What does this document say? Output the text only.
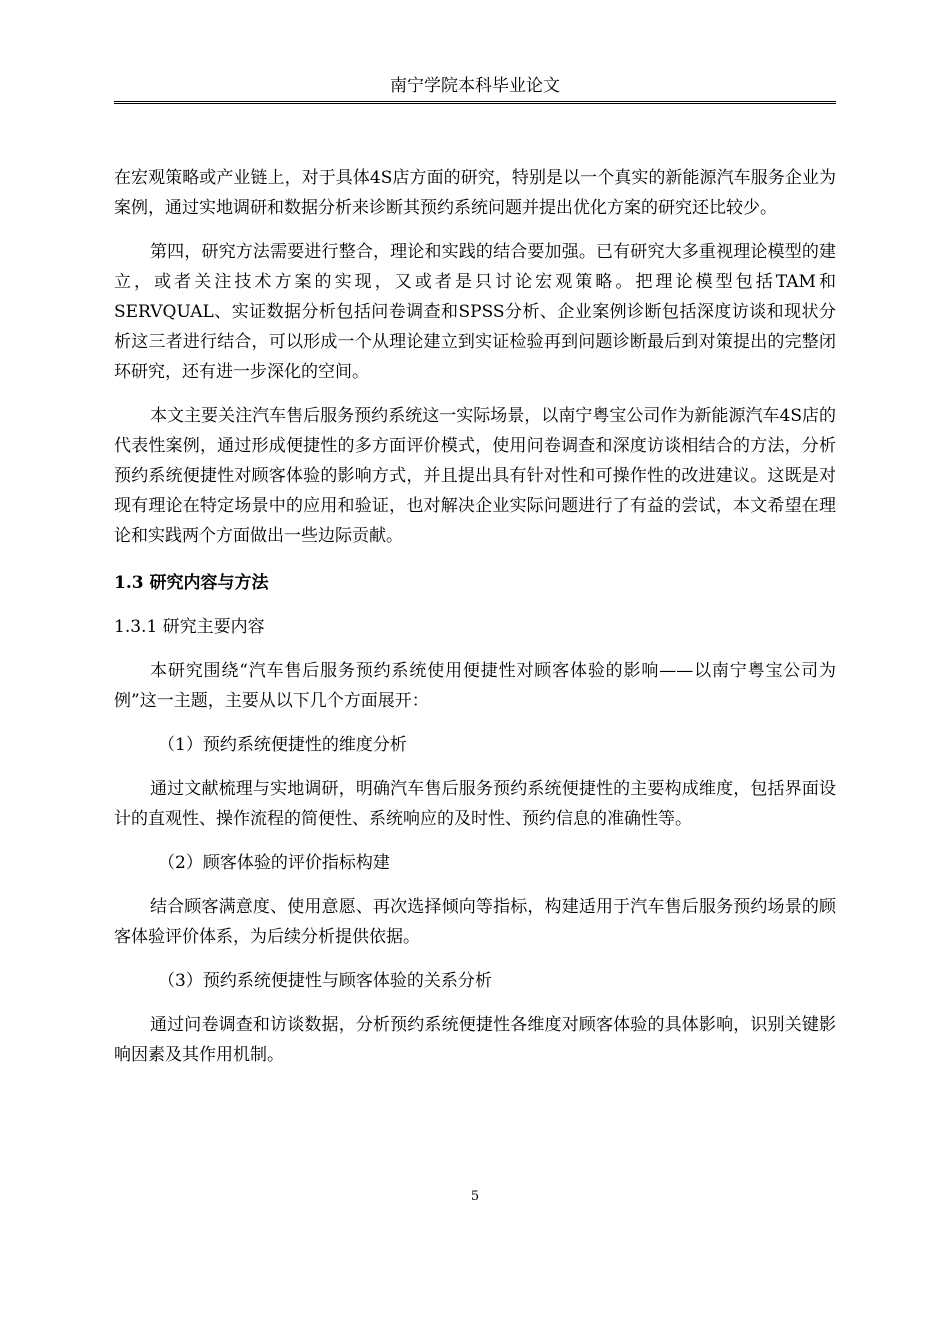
南宁学院本科毕业论文

在宏观策略或产业链上，对于具体4S店方面的研究，特别是以一个真实的新能源汽车服务企业为案例，通过实地调研和数据分析来诊断其预约系统问题并提出优化方案的研究还比较少。

第四，研究方法需要进行整合，理论和实践的结合要加强。已有研究大多重视理论模型的建立，或者关注技术方案的实现，又或者是只讨论宏观策略。把理论模型包括TAM和SERVQUAL、实证数据分析包括问卷调查和SPSS分析、企业案例诊断包括深度访谈和现状分析这三者进行结合，可以形成一个从理论建立到实证检验再到问题诊断最后到对策提出的完整闭环研究，还有进一步深化的空间。

本文主要关注汽车售后服务预约系统这一实际场景，以南宁粤宝公司作为新能源汽车4S店的代表性案例，通过形成便捷性的多方面评价模式，使用问卷调查和深度访谈相结合的方法，分析预约系统便捷性对顾客体验的影响方式，并且提出具有针对性和可操作性的改进建议。这既是对现有理论在特定场景中的应用和验证，也对解决企业实际问题进行了有益的尝试，本文希望在理论和实践两个方面做出一些边际贡献。

1.3 研究内容与方法
1.3.1 研究主要内容

本研究围绕“汽车售后服务预约系统使用便捷性对顾客体验的影响——以南宁粤宝公司为例”这一主题，主要从以下几个方面展开：

（1）预约系统便捷性的维度分析

通过文献梳理与实地调研，明确汽车售后服务预约系统便捷性的主要构成维度，包括界面设计的直观性、操作流程的简便性、系统响应的及时性、预约信息的准确性等。

（2）顾客体验的评价指标构建

结合顾客满意度、使用意愿、再次选择倾向等指标，构建适用于汽车售后服务预约场景的顾客体验评价体系，为后续分析提供依据。

（3）预约系统便捷性与顾客体验的关系分析

通过问卷调查和访谈数据，分析预约系统便捷性各维度对顾客体验的具体影响，识别关键影响因素及其作用机制。

5
